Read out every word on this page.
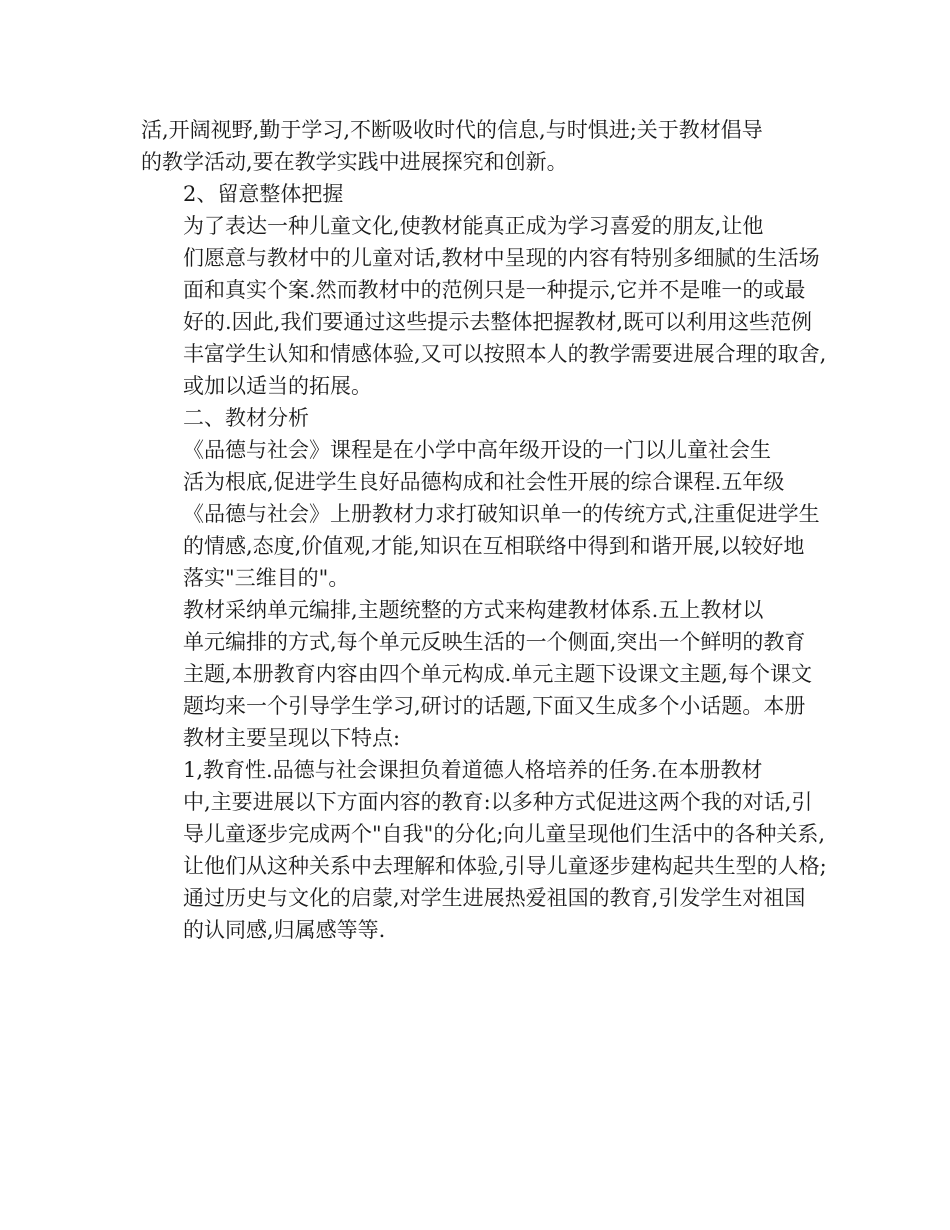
活,开阔视野,勤于学习,不断吸收时代的信息,与时惧进;关于教材倡导
的教学活动,要在教学实践中进展探究和创新。
2、留意整体把握
为了表达一种儿童文化,使教材能真正成为学习喜爱的朋友,让他
们愿意与教材中的儿童对话,教材中呈现的内容有特别多细腻的生活场
面和真实个案.然而教材中的范例只是一种提示,它并不是唯一的或最
好的.因此,我们要通过这些提示去整体把握教材,既可以利用这些范例
丰富学生认知和情感体验,又可以按照本人的教学需要进展合理的取舍,
或加以适当的拓展。
二、教材分析
《品德与社会》课程是在小学中高年级开设的一门以儿童社会生
活为根底,促进学生良好品德构成和社会性开展的综合课程.五年级
《品德与社会》上册教材力求打破知识单一的传统方式,注重促进学生
的情感,态度,价值观,才能,知识在互相联络中得到和谐开展,以较好地
落实"三维目的"。
教材采纳单元编排,主题统整的方式来构建教材体系.五上教材以
单元编排的方式,每个单元反映生活的一个侧面,突出一个鲜明的教育
主题,本册教育内容由四个单元构成.单元主题下设课文主题,每个课文
题均来一个引导学生学习,研讨的话题,下面又生成多个小话题。本册
教材主要呈现以下特点:
1,教育性.品德与社会课担负着道德人格培养的任务.在本册教材
中,主要进展以下方面内容的教育:以多种方式促进这两个我的对话,引
导儿童逐步完成两个"自我"的分化;向儿童呈现他们生活中的各种关系,
让他们从这种关系中去理解和体验,引导儿童逐步建构起共生型的人格;
通过历史与文化的启蒙,对学生进展热爱祖国的教育,引发学生对祖国
的认同感,归属感等等.
